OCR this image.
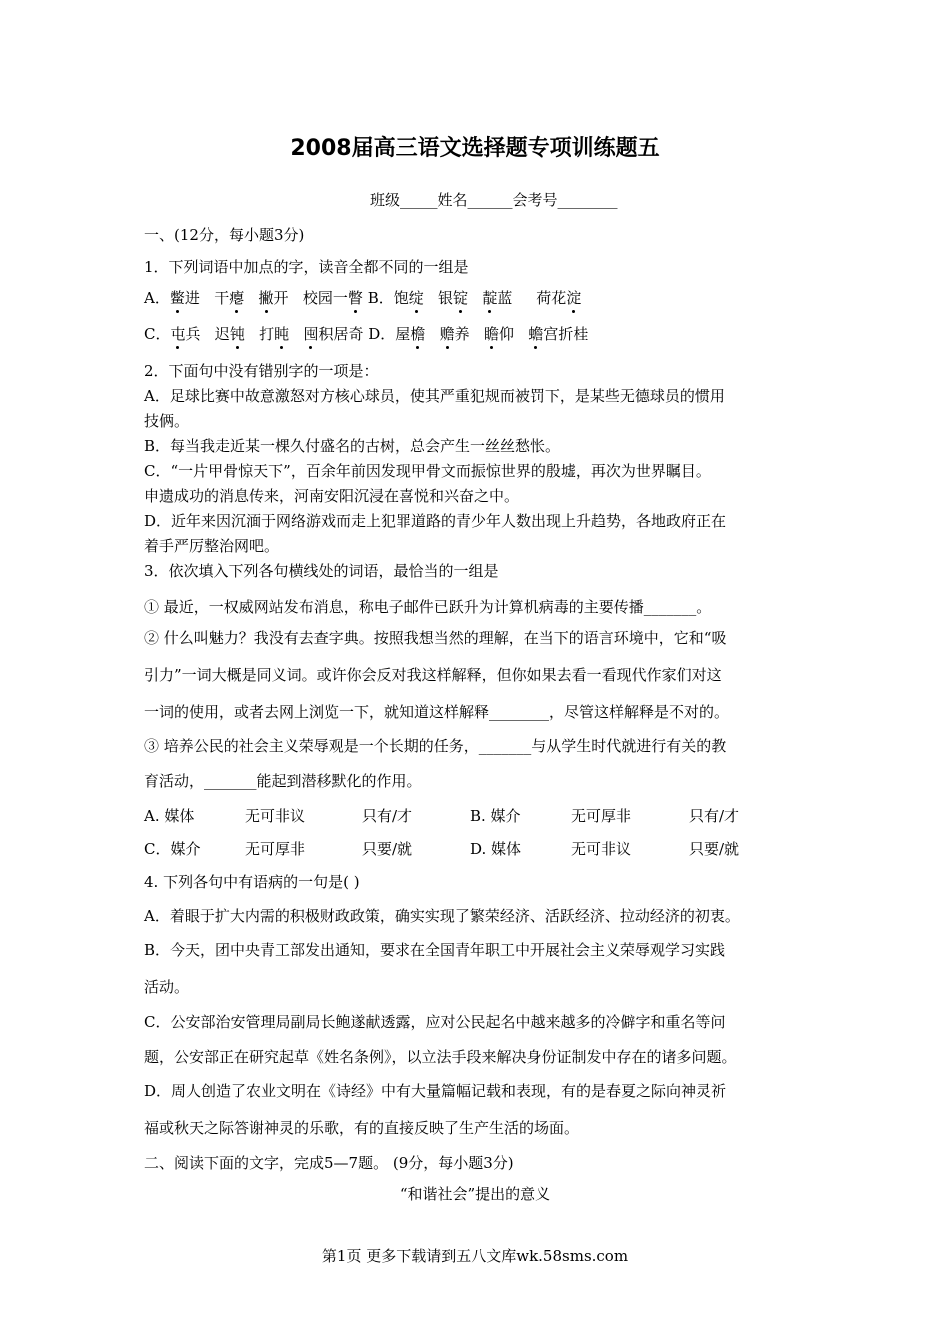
2008届高三语文选择题专项训练题五
班级_____姓名______会考号________
一、(12分，每小题3分)
1．下列词语中加点的字，读音全都不同的一组是
A．鳖进 干瘪 撇开 校园一瞥 B．饱绽   银锭 靛蓝     荷花淀
C．屯兵   迟钝   打盹 囤积居奇 D．屋檐 赡养   瞻仰   蟾宫折桂
2．下面句中没有错别字的一项是：
A．足球比赛中故意激怒对方核心球员，使其严重犯规而被罚下，是某些无德球员的惯用
技俩。
B．每当我走近某一棵久付盛名的古树，总会产生一丝丝愁怅。
C．“一片甲骨惊天下”，百余年前因发现甲骨文而振惊世界的殷墟，再次为世界瞩目。
申遗成功的消息传来，河南安阳沉浸在喜悦和兴奋之中。
D．近年来因沉湎于网络游戏而走上犯罪道路的青少年人数出现上升趋势，各地政府正在
着手严厉整治网吧。
3．依次填入下列各句横线处的词语，最恰当的一组是
① 最近，一权威网站发布消息，称电子邮件已跃升为计算机病毒的主要传播_______。
② 什么叫魅力？我没有去查字典。按照我想当然的理解，在当下的语言环境中，它和“吸
引力”一词大概是同义词。或许你会反对我这样解释，但你如果去看一看现代作家们对这
一词的使用，或者去网上浏览一下，就知道这样解释________，尽管这样解释是不对的。
③ 培养公民的社会主义荣辱观是一个长期的任务，_______与从学生时代就进行有关的教
育活动，_______能起到潜移默化的作用。
A. 媒体	无可非议	只有/才	B. 媒介	无可厚非	只有/才
C．媒介	无可厚非	只要/就	D. 媒体	无可非议	只要/就
4. 下列各句中有语病的一句是( )
A．着眼于扩大内需的积极财政政策，确实实现了繁荣经济、活跃经济、拉动经济的初衷。
B．今天，团中央青工部发出通知，要求在全国青年职工中开展社会主义荣辱观学习实践
活动。
C．公安部治安管理局副局长鲍遂献透露，应对公民起名中越来越多的冷僻字和重名等问
题，公安部正在研究起草《姓名条例》，以立法手段来解决身份证制发中存在的诸多问题。
D．周人创造了农业文明在《诗经》中有大量篇幅记载和表现，有的是春夏之际向神灵祈
福或秋天之际答谢神灵的乐歌，有的直接反映了生产生活的场面。
二、阅读下面的文字，完成5—7题。 (9分，每小题3分)
“和谐社会”提出的意义
第1页 更多下载请到五八文库wk.58sms.com
